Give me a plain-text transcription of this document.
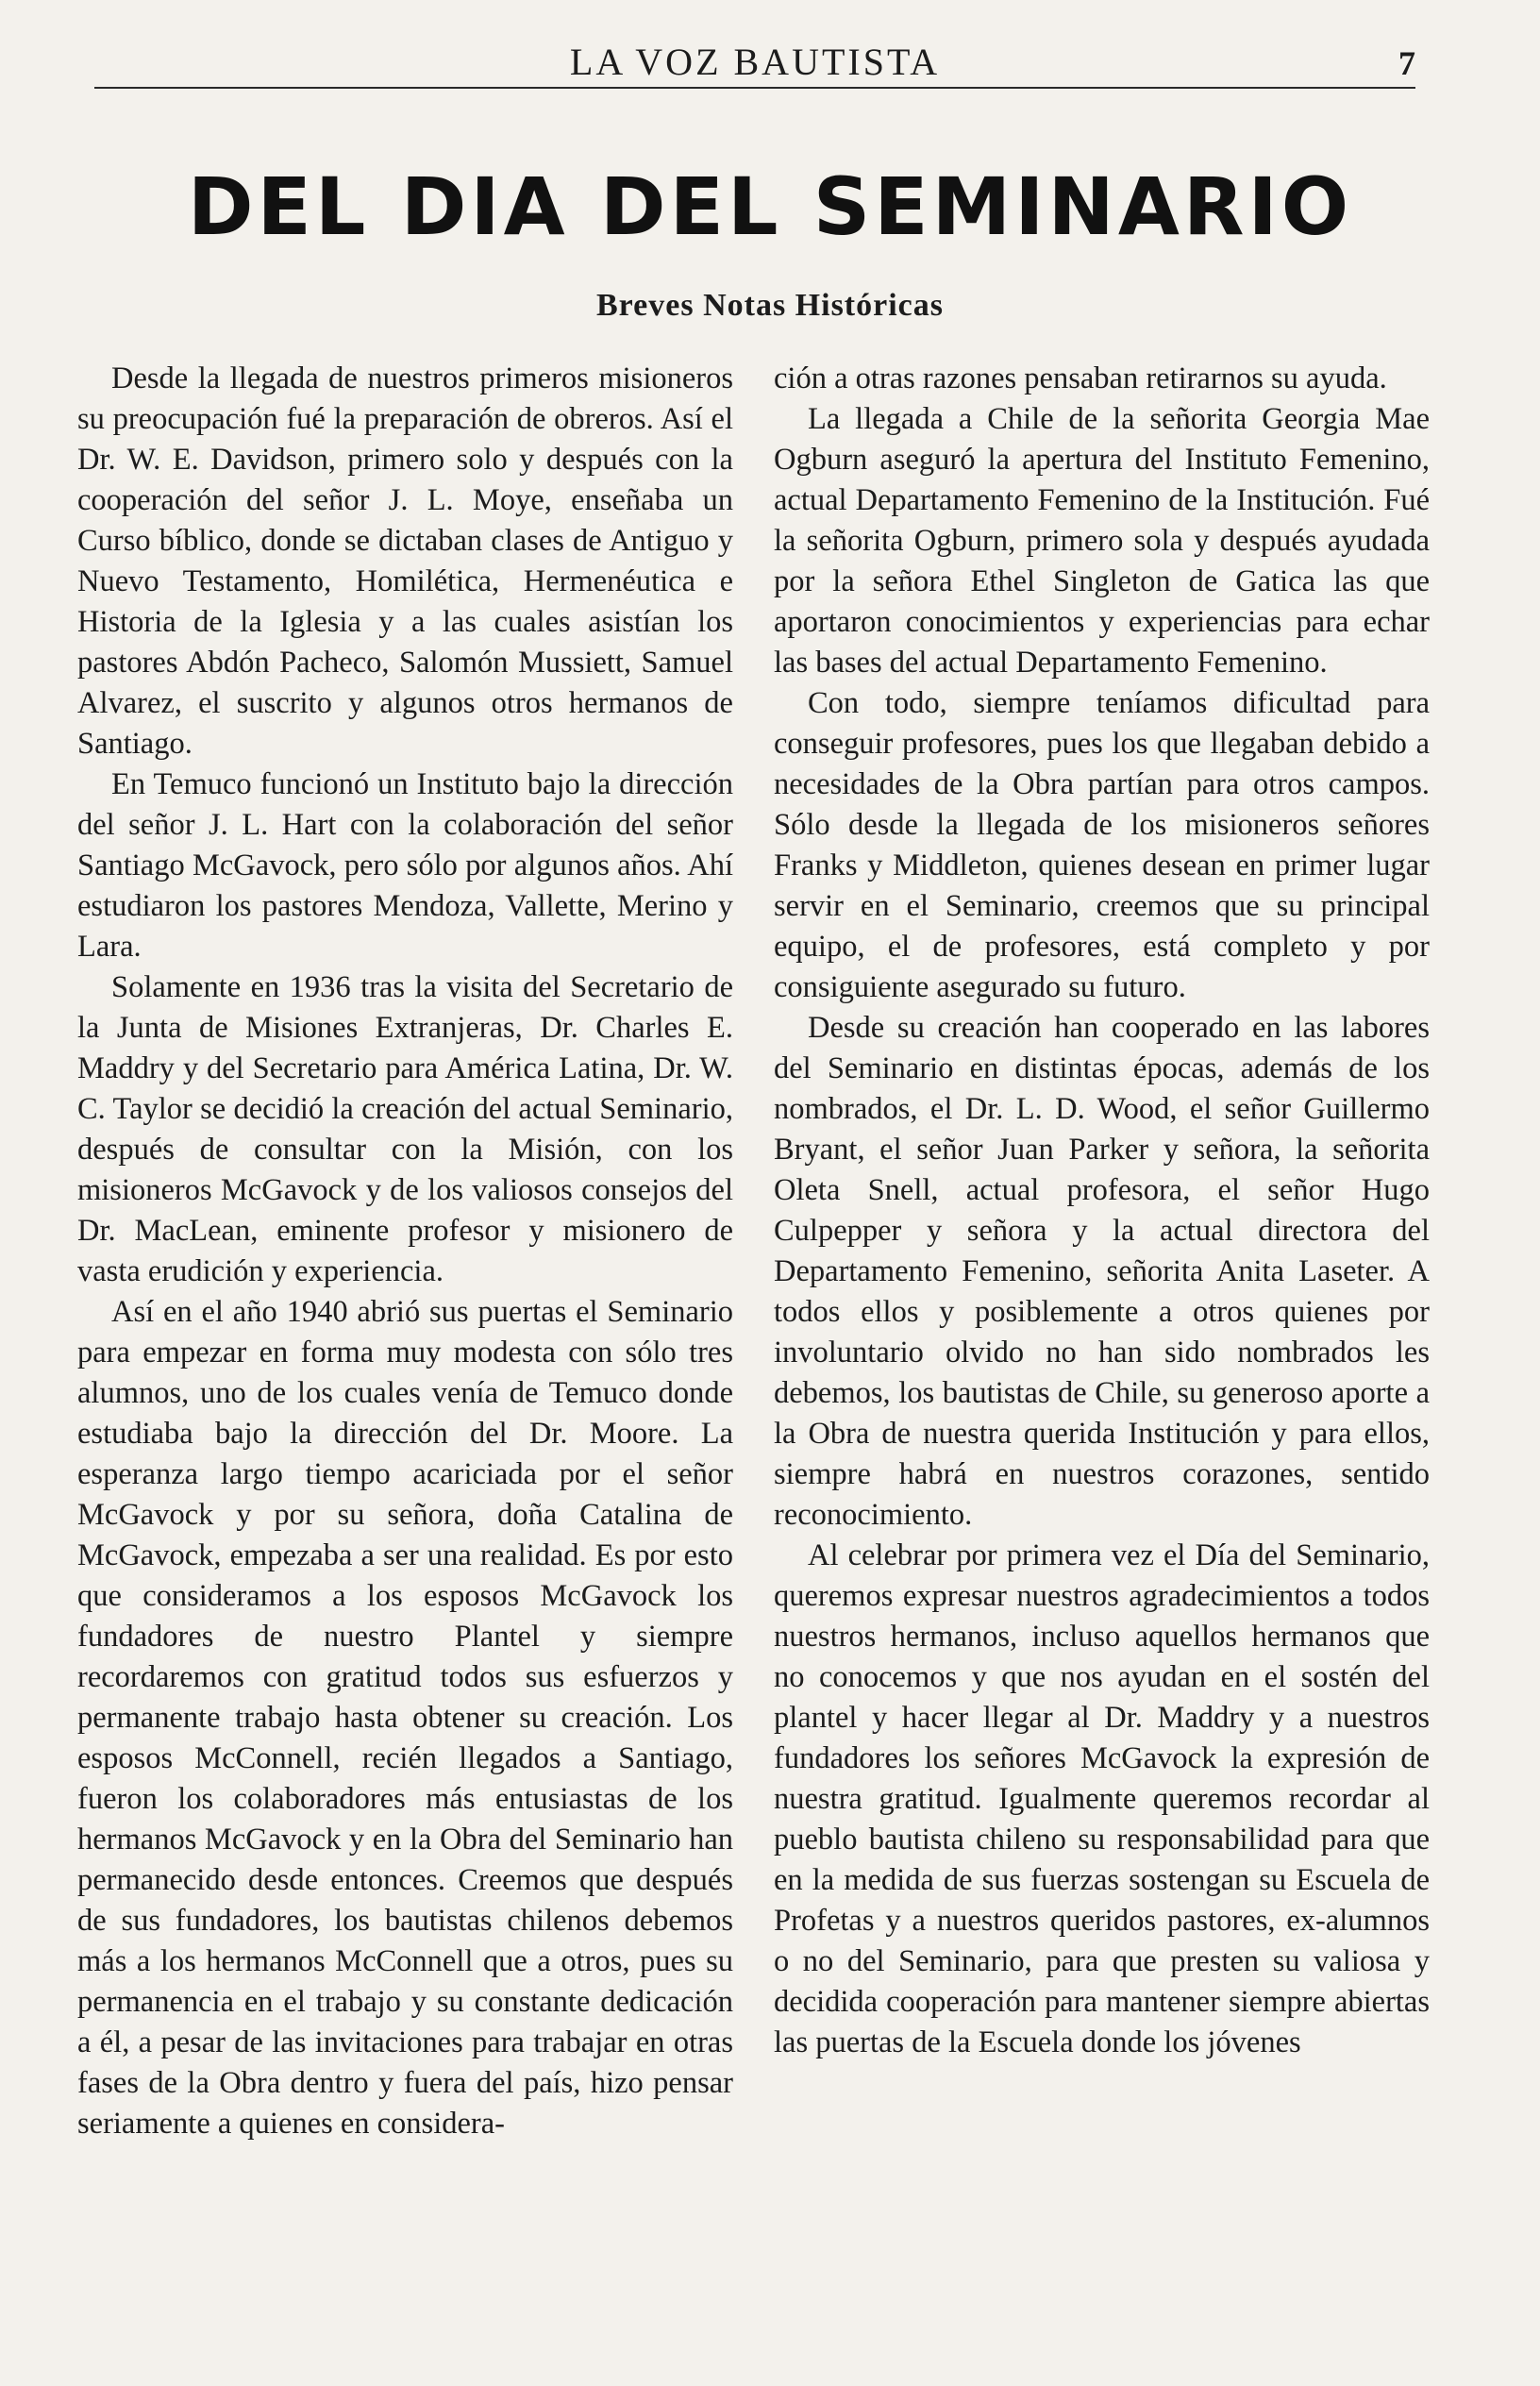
LA VOZ BAUTISTA	7
DEL DIA DEL SEMINARIO
Breves Notas Históricas

Desde la llegada de nuestros primeros misioneros su preocupación fué la preparación de obreros. Así el Dr. W. E. Davidson, primero solo y después con la cooperación del señor J. L. Moye, enseñaba un Curso bíblico, donde se dictaban clases de Antiguo y Nuevo Testamento, Homilética, Hermenéutica e Historia de la Iglesia y a las cuales asistían los pastores Abdón Pacheco, Salomón Mussiett, Samuel Alvarez, el suscrito y algunos otros hermanos de Santiago.

En Temuco funcionó un Instituto bajo la dirección del señor J. L. Hart con la colaboración del señor Santiago McGavock, pero sólo por algunos años. Ahí estudiaron los pastores Mendoza, Vallette, Merino y Lara.

Solamente en 1936 tras la visita del Secretario de la Junta de Misiones Extranjeras, Dr. Charles E. Maddry y del Secretario para América Latina, Dr. W. C. Taylor se decidió la creación del actual Seminario, después de consultar con la Misión, con los misioneros McGavock y de los valiosos consejos del Dr. MacLean, eminente profesor y misionero de vasta erudición y experiencia.

Así en el año 1940 abrió sus puertas el Seminario para empezar en forma muy modesta con sólo tres alumnos, uno de los cuales venía de Temuco donde estudiaba bajo la dirección del Dr. Moore. La esperanza largo tiempo acariciada por el señor McGavock y por su señora, doña Catalina de McGavock, empezaba a ser una realidad. Es por esto que consideramos a los esposos McGavock los fundadores de nuestro Plantel y siempre recordaremos con gratitud todos sus esfuerzos y permanente trabajo hasta obtener su creación. Los esposos McConnell, recién llegados a Santiago, fueron los colaboradores más entusiastas de los hermanos McGavock y en la Obra del Seminario han permanecido desde entonces. Creemos que después de sus fundadores, los bautistas chilenos debemos más a los hermanos McConnell que a otros, pues su permanencia en el trabajo y su constante dedicación a él, a pesar de las invitaciones para trabajar en otras fases de la Obra dentro y fuera del país, hizo pensar seriamente a quienes en considera-

ción a otras razones pensaban retirarnos su ayuda.

La llegada a Chile de la señorita Georgia Mae Ogburn aseguró la apertura del Instituto Femenino, actual Departamento Femenino de la Institución. Fué la señorita Ogburn, primero sola y después ayudada por la señora Ethel Singleton de Gatica las que aportaron conocimientos y experiencias para echar las bases del actual Departamento Femenino.

Con todo, siempre teníamos dificultad para conseguir profesores, pues los que llegaban debido a necesidades de la Obra partían para otros campos. Sólo desde la llegada de los misioneros señores Franks y Middleton, quienes desean en primer lugar servir en el Seminario, creemos que su principal equipo, el de profesores, está completo y por consiguiente asegurado su futuro.

Desde su creación han cooperado en las labores del Seminario en distintas épocas, además de los nombrados, el Dr. L. D. Wood, el señor Guillermo Bryant, el señor Juan Parker y señora, la señorita Oleta Snell, actual profesora, el señor Hugo Culpepper y señora y la actual directora del Departamento Femenino, señorita Anita Laseter. A todos ellos y posiblemente a otros quienes por involuntario olvido no han sido nombrados les debemos, los bautistas de Chile, su generoso aporte a la Obra de nuestra querida Institución y para ellos, siempre habrá en nuestros corazones, sentido reconocimiento.

Al celebrar por primera vez el Día del Seminario, queremos expresar nuestros agradecimientos a todos nuestros hermanos, incluso aquellos hermanos que no conocemos y que nos ayudan en el sostén del plantel y hacer llegar al Dr. Maddry y a nuestros fundadores los señores McGavock la expresión de nuestra gratitud. Igualmente queremos recordar al pueblo bautista chileno su responsabilidad para que en la medida de sus fuerzas sostengan su Escuela de Profetas y a nuestros queridos pastores, ex-alumnos o no del Seminario, para que presten su valiosa y decidida cooperación para mantener siempre abiertas las puertas de la Escuela donde los jóvenes
